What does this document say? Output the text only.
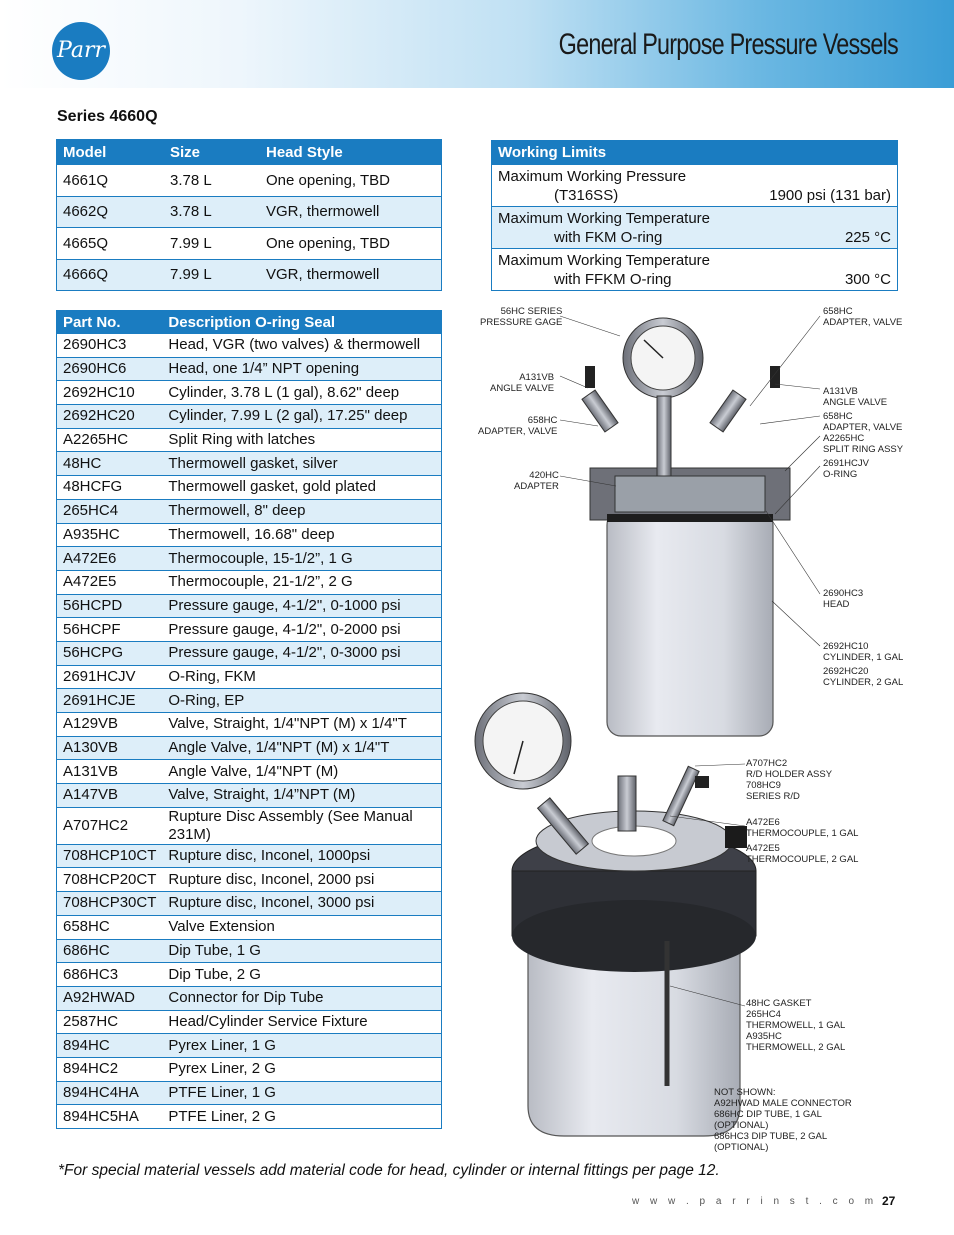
Parr	General Purpose Pressure Vessels
Series 4660Q
Model	Size	Head Style
4661Q	3.78 L	One opening, TBD
4662Q	3.78 L	VGR, thermowell
4665Q	7.99 L	One opening, TBD
4666Q	7.99 L	VGR, thermowell
Working Limits

Maximum Working Pressure
(T316SS)	1900 psi (131 bar)

Maximum Working Temperature
with FKM O-ring	225 °C

Maximum Working Temperature
with FFKM O-ring	300 °C
Part No.	Description O-ring Seal
2690HC3	Head, VGR (two valves) & thermowell
2690HC6	Head, one 1/4” NPT opening
2692HC10	Cylinder, 3.78 L (1 gal), 8.62" deep
2692HC20	Cylinder, 7.99 L (2 gal), 17.25" deep
A2265HC	Split Ring with latches
48HC	Thermowell gasket, silver
48HCFG	Thermowell gasket, gold plated
265HC4	Thermowell, 8" deep
A935HC	Thermowell, 16.68" deep
A472E6	Thermocouple, 15-1/2”, 1 G
A472E5	Thermocouple, 21-1/2”, 2 G
56HCPD	Pressure gauge, 4-1/2", 0-1000 psi
56HCPF	Pressure gauge, 4-1/2", 0-2000 psi
56HCPG	Pressure gauge, 4-1/2", 0-3000 psi
2691HCJV	O-Ring, FKM
2691HCJE	O-Ring, EP
A129VB	Valve, Straight, 1/4"NPT (M) x 1/4"T
A130VB	Angle Valve, 1/4"NPT (M) x 1/4"T
A131VB	Angle Valve, 1/4"NPT (M)
A147VB	Valve, Straight, 1/4”NPT (M)
A707HC2	Rupture Disc Assembly (See Manual 231M)
708HCP10CT	Rupture disc, Inconel, 1000psi
708HCP20CT	Rupture disc, Inconel, 2000 psi
708HCP30CT	Rupture disc, Inconel, 3000 psi
658HC	Valve Extension
686HC	Dip Tube, 1 G
686HC3	Dip Tube, 2 G
A92HWAD	Connector for Dip Tube
2587HC	Head/Cylinder Service Fixture
894HC	Pyrex Liner, 1 G
894HC2	Pyrex Liner, 2 G
894HC4HA	PTFE Liner, 1 G
894HC5HA	PTFE Liner, 2 G
56HC SERIES
PRESSURE GAGE
A131VB
ANGLE VALVE
658HC
ADAPTER, VALVE
420HC
ADAPTER
658HC
ADAPTER, VALVE
A131VB
ANGLE VALVE
658HC
ADAPTER, VALVE
A2265HC
SPLIT RING ASSY
2691HCJV
O-RING
2690HC3
HEAD
2692HC10
CYLINDER, 1 GAL
2692HC20
CYLINDER, 2 GAL
A707HC2
R/D HOLDER ASSY
708HC9
SERIES R/D
A472E6
THERMOCOUPLE, 1 GAL
A472E5
THERMOCOUPLE, 2 GAL
48HC GASKET
265HC4
THERMOWELL, 1 GAL
A935HC
THERMOWELL, 2 GAL
NOT SHOWN:
A92HWAD MALE CONNECTOR
686HC DIP TUBE, 1 GAL
(OPTIONAL)
686HC3 DIP TUBE, 2 GAL
(OPTIONAL)
*For special material vessels add material code for head, cylinder or internal fittings per page 12.
w w w . p a r r i n s t . c o m 27
